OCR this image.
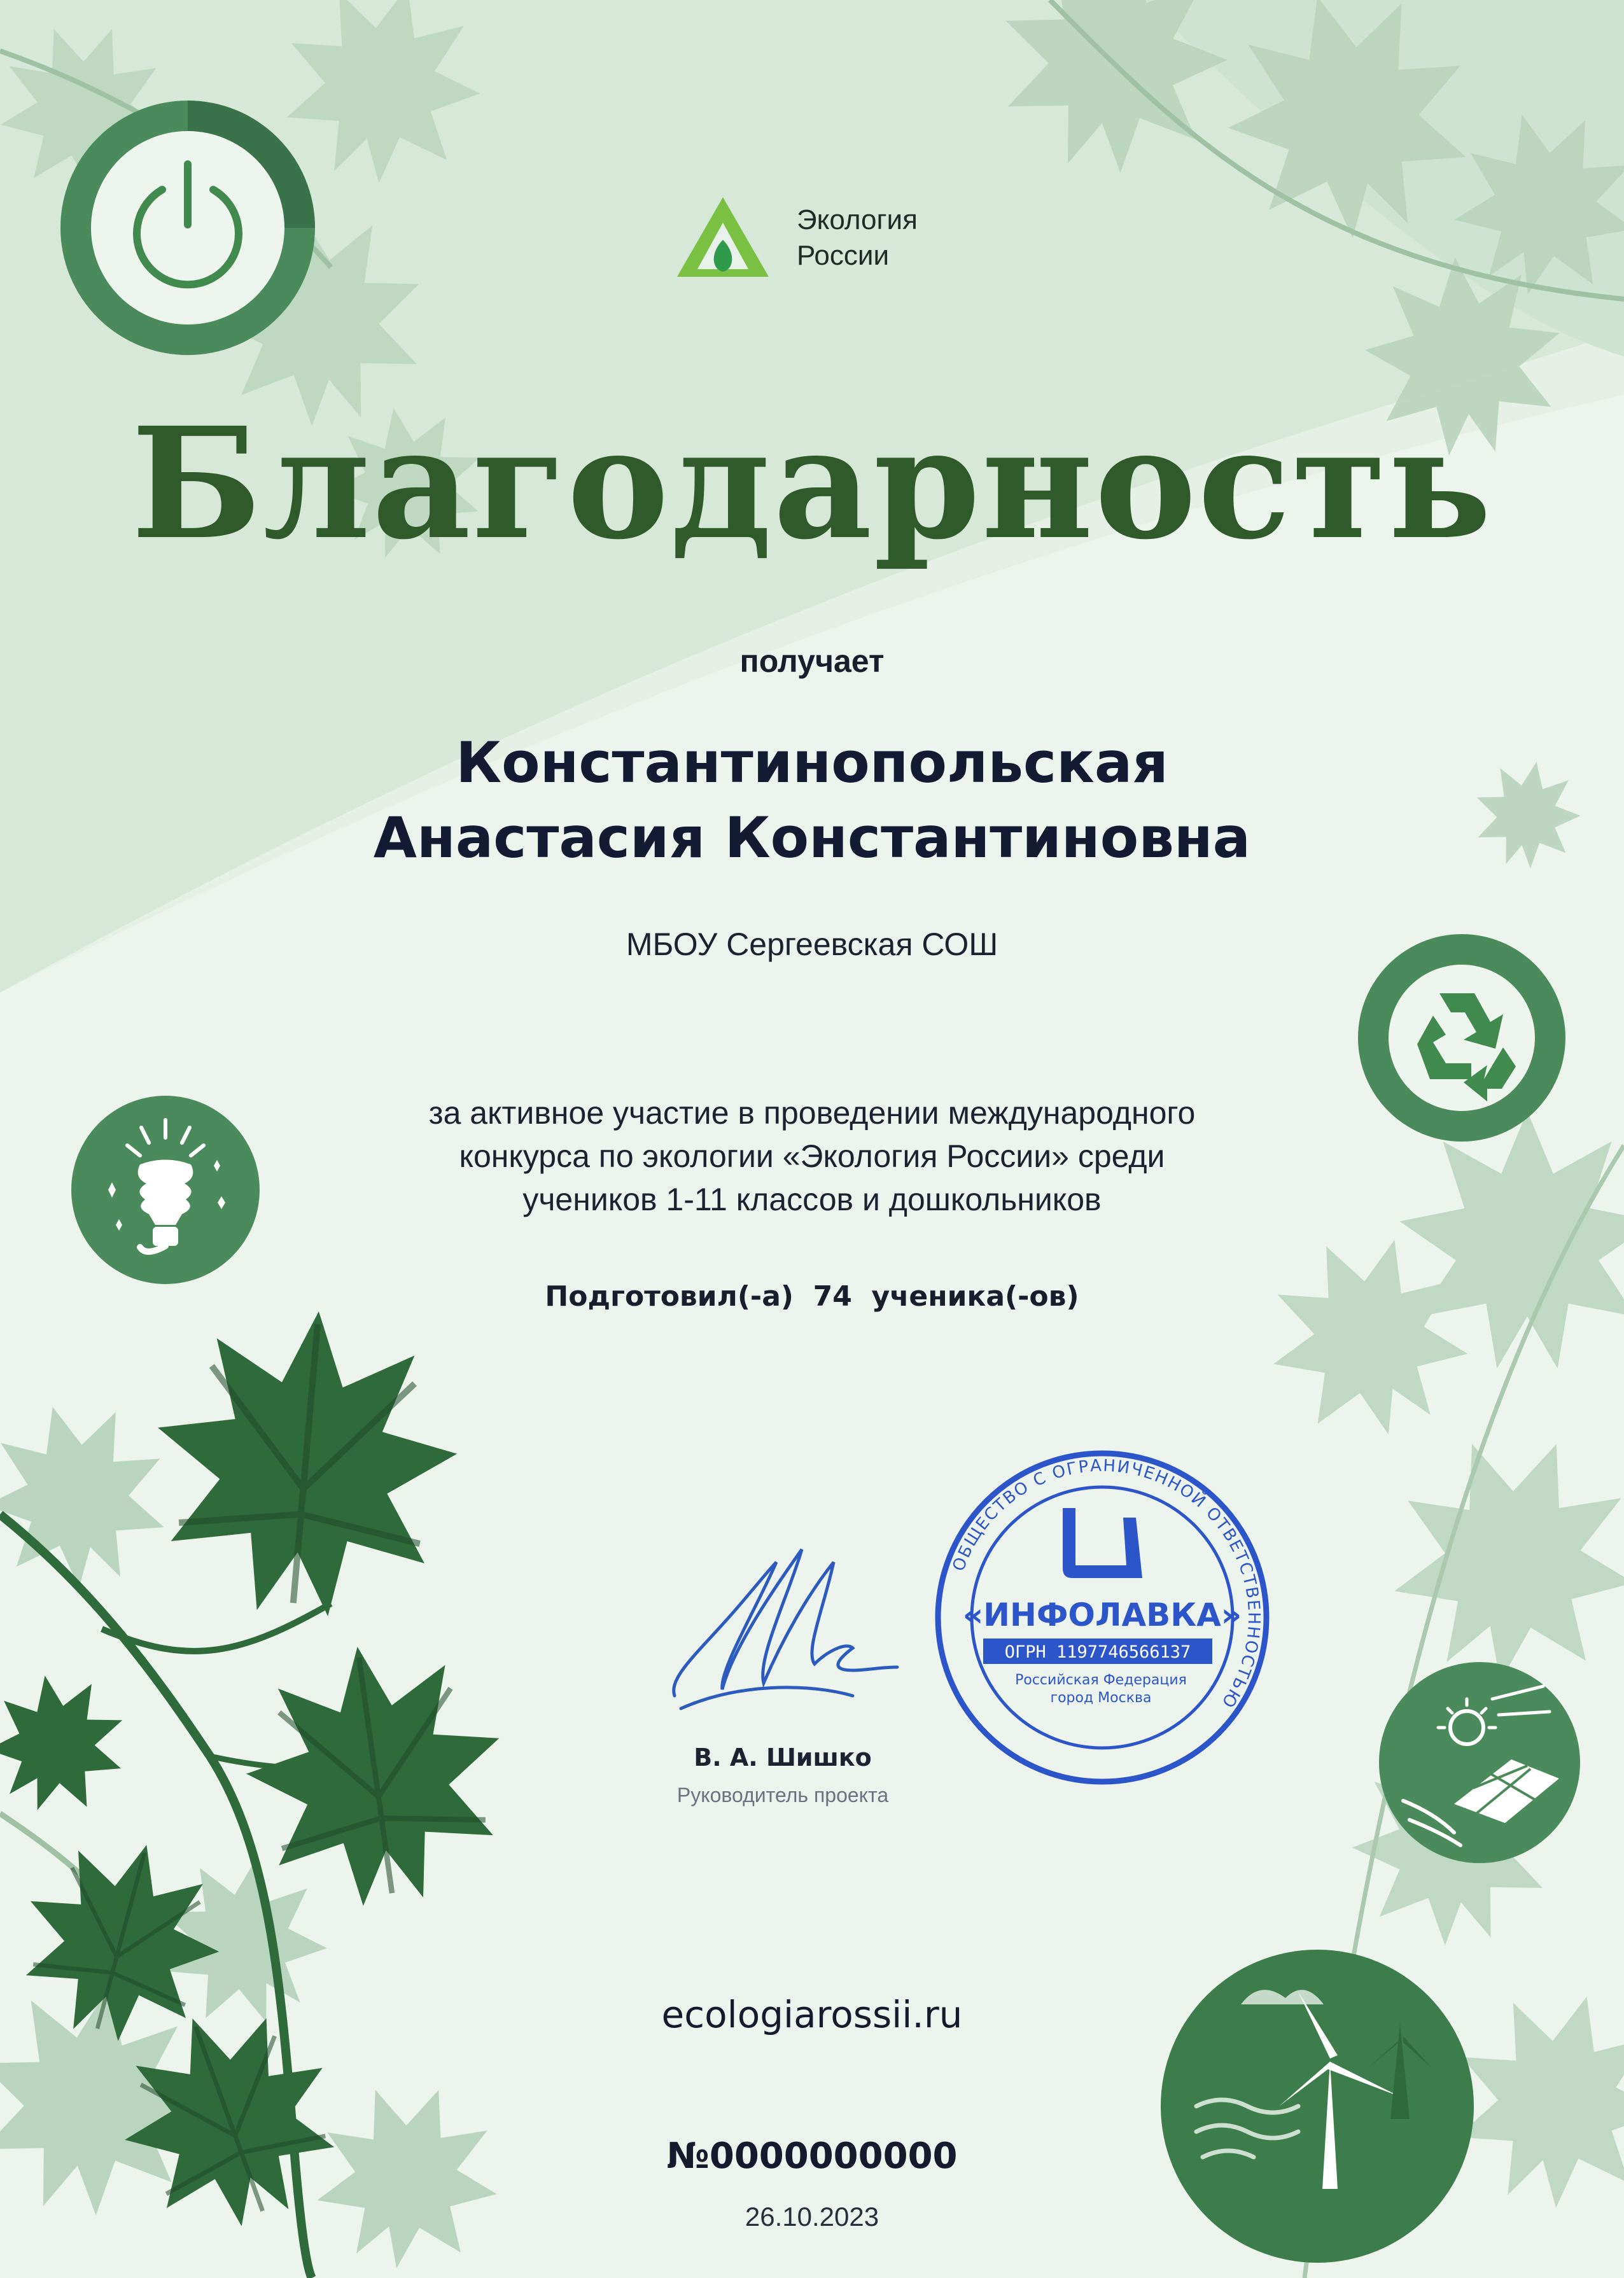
Экология
России
Благодарность
получает
Константинопольская
Анастасия Константиновна
МБОУ Сергеевская СОШ
за активное участие в проведении международного
конкурса по экологии «Экология России» среди
учеников 1-11 классов и дошкольников
Подготовил(-а) 74 ученика(-ов)
В. А. Шишко
Руководитель проекта
ОБЩЕСТВО С ОГРАНИЧЕННОЙ ОТВЕТСТВЕННОСТЬЮ
«ИНФОЛАВКА»
ОГРН 1197746566137
Российская Федерация
город Москва
ecologiarossii.ru
№0000000000
26.10.2023
